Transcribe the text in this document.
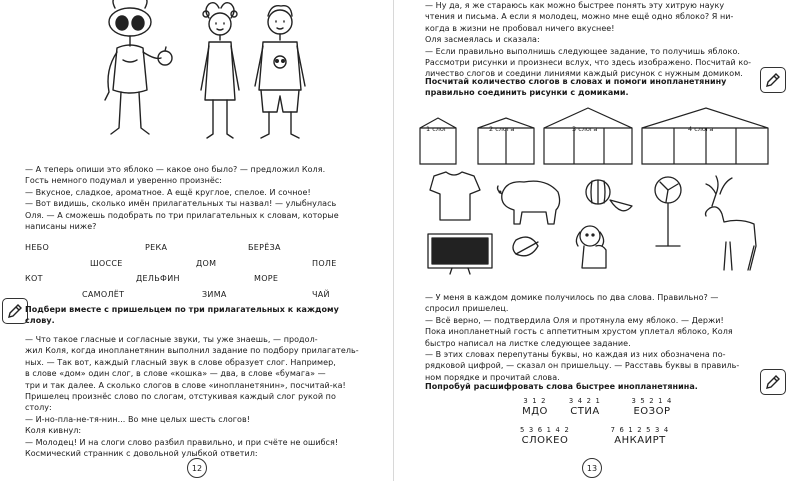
— А теперь опиши это яблоко — какое оно было? — предложил Коля.
Гость немного подумал и уверенно произнёс:
— Вкусное, сладкое, ароматное. А ещё круглое, спелое. И сочное!
— Вот видишь, сколько имён прилагательных ты назвал! — улыбнулась
Оля. — А сможешь подобрать по три прилагательных к словам, которые
написаны ниже?
НЕБО	РЕКА	БЕРЁЗА
ШОССЕ	ДОМ	ПОЛЕ
КОТ	ДЕЛЬФИН	МОРЕ
САМОЛЁТ	ЗИМА	ЧАЙ
Подбери вместе с пришельцем по три прилагательных к каждому
слову.
— Что такое гласные и согласные звуки, ты уже знаешь, — продол-
жил Коля, когда инопланетянин выполнил задание по подбору прилагатель-
ных. — Так вот, каждый гласный звук в слове образует слог. Например,
в слове «дом» один слог, в слове «кошка» — два, в слове «бумага» —
три и так далее. А сколько слогов в слове «инопланетянин», посчитай-ка!
Пришелец произнёс слово по слогам, отстукивая каждый слог рукой по
столу:
— И-но-пла-не-тя-нин... Во мне целых шесть слогов!
Коля кивнул:
— Молодец! И на слоги слово разбил правильно, и при счёте не ошибся!
Космический странник с довольной улыбкой ответил:
12
— Ну да, я же стараюсь как можно быстрее понять эту хитрую науку
чтения и письма. А если я молодец, можно мне ещё одно яблоко? Я ни-
когда в жизни не пробовал ничего вкуснее!
Оля засмеялась и сказала:
— Если правильно выполнишь следующее задание, то получишь яблоко.
Рассмотри рисунки и произнеси вслух, что здесь изображено. Посчитай ко-
личество слогов и соедини линиями каждый рисунок с нужным домиком.
Посчитай количество слогов в словах и помоги инопланетянину
правильно соединить рисунки с домиками.
1 слог	2 слога	3 слога	4 слога
— У меня в каждом домике получилось по два слова. Правильно? —
спросил пришелец.
— Всё верно, — подтвердила Оля и протянула ему яблоко. — Держи!
Пока инопланетный гость с аппетитным хрустом уплетал яблоко, Коля
быстро написал на листке следующее задание.
— В этих словах перепутаны буквы, но каждая из них обозначена по-
рядковой цифрой, — сказал он пришельцу. — Расставь буквы в правиль-
ном порядке и прочитай слова.
Попробуй расшифровать слова быстрее инопланетянина.
3 1 2
МДО
3 4 2 1
СТИА
3 5 2 1 4
ЕОЗОР
5 3 6 1 4 2
СЛОКЕО
7 6 1 2 5 3 4
АНКАИРТ
13
